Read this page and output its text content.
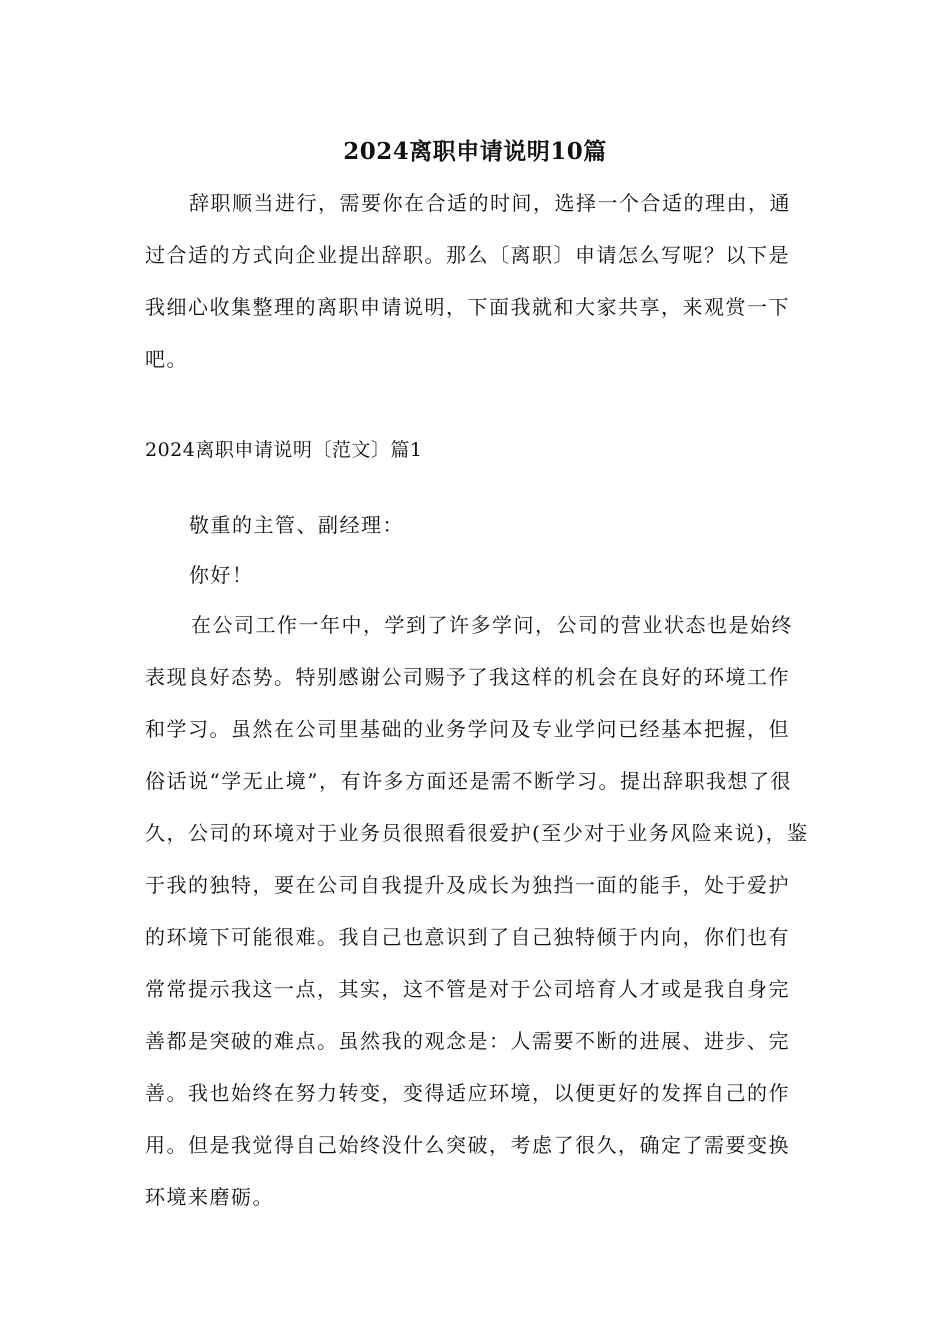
2024离职申请说明10篇
辞职顺当进行，需要你在合适的时间，选择一个合适的理由，通过合适的方式向企业提出辞职。那么〔离职〕申请怎么写呢？以下是我细心收集整理的离职申请说明，下面我就和大家共享，来观赏一下吧。
2024离职申请说明〔范文〕篇1
敬重的主管、副经理：
你好！
在公司工作一年中，学到了许多学问，公司的营业状态也是始终表现良好态势。特别感谢公司赐予了我这样的机会在良好的环境工作和学习。虽然在公司里基础的业务学问及专业学问已经基本把握，但俗话说“学无止境”，有许多方面还是需不断学习。提出辞职我想了很久，公司的环境对于业务员很照看很爱护(至少对于业务风险来说)，鉴于我的独特，要在公司自我提升及成长为独挡一面的能手，处于爱护的环境下可能很难。我自己也意识到了自己独特倾于内向，你们也有常常提示我这一点，其实，这不管是对于公司培育人才或是我自身完善都是突破的难点。虽然我的观念是：人需要不断的进展、进步、完善。我也始终在努力转变，变得适应环境，以便更好的发挥自己的作用。但是我觉得自己始终没什么突破，考虑了很久，确定了需要变换环境来磨砺。
